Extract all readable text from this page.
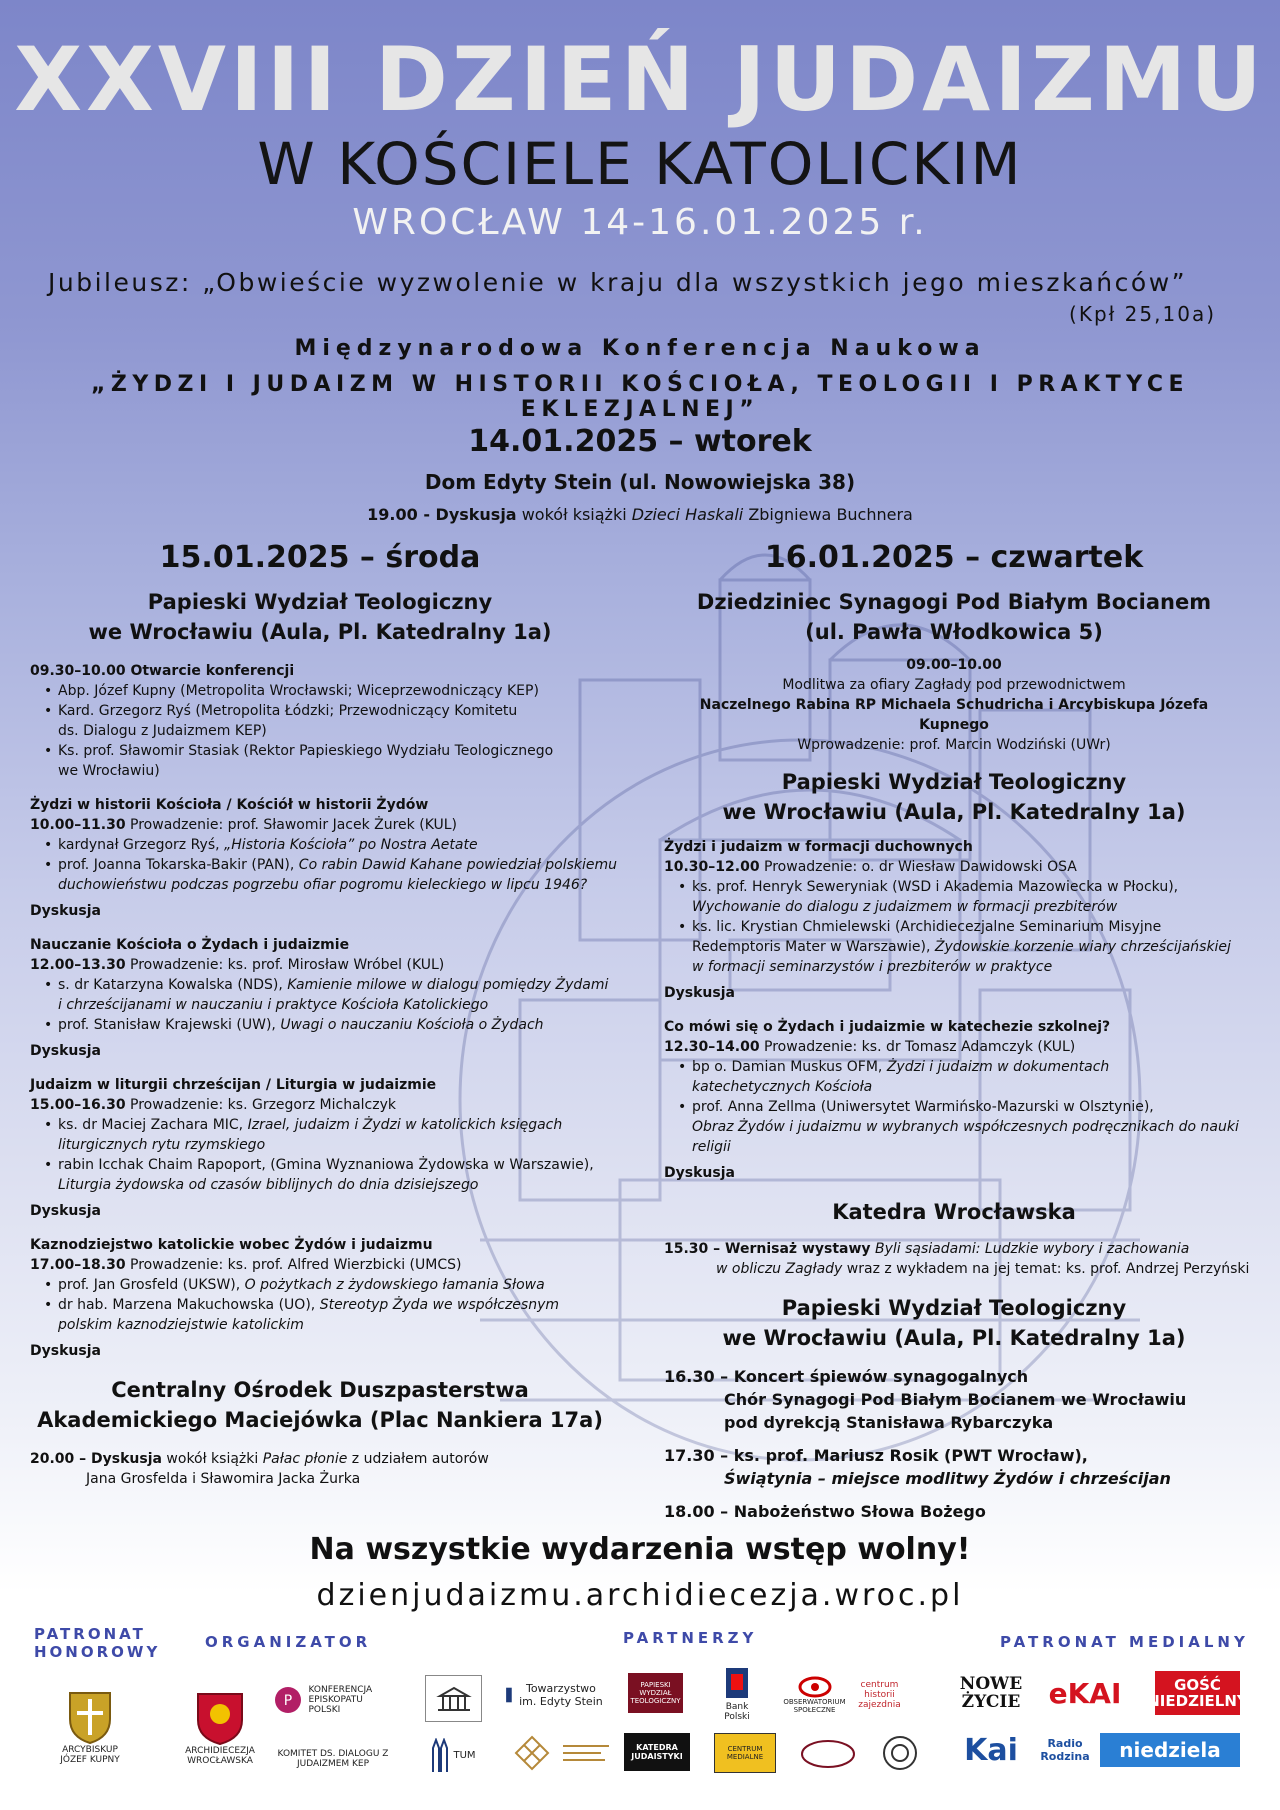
XXVIII DZIEŃ JUDAIZMU
W KOŚCIELE KATOLICKIM
WROCŁAW 14-16.01.2025 r.
Jubileusz: „Obwieście wyzwolenie w kraju dla wszystkich jego mieszkańców”
(Kpł 25,10a)
Międzynarodowa Konferencja Naukowa
„ŻYDZI I JUDAIZM W HISTORII KOŚCIOŁA, TEOLOGII I PRAKTYCE EKLEZJALNEJ”
14.01.2025 – wtorek
Dom Edyty Stein (ul. Nowowiejska 38)
19.00 - Dyskusja wokół książki Dzieci Haskali Zbigniewa Buchnera
15.01.2025 – środa
Papieski Wydział Teologiczny
we Wrocławiu (Aula, Pl. Katedralny 1a)
09.30–10.00 Otwarcie konferencji
• Abp. Józef Kupny (Metropolita Wrocławski; Wiceprzewodniczący KEP)
• Kard. Grzegorz Ryś (Metropolita Łódzki; Przewodniczący Komitetu
ds. Dialogu z Judaizmem KEP)
• Ks. prof. Sławomir Stasiak (Rektor Papieskiego Wydziału Teologicznego
we Wrocławiu)
Żydzi w historii Kościoła / Kościół w historii Żydów
10.00–11.30 Prowadzenie: prof. Sławomir Jacek Żurek (KUL)
• kardynał Grzegorz Ryś, „Historia Kościoła” po Nostra Aetate
• prof. Joanna Tokarska-Bakir (PAN), Co rabin Dawid Kahane powiedział polskiemu
duchowieństwu podczas pogrzebu ofiar pogromu kieleckiego w lipcu 1946?
Dyskusja
Nauczanie Kościoła o Żydach i judaizmie
12.00–13.30 Prowadzenie: ks. prof. Mirosław Wróbel (KUL)
• s. dr Katarzyna Kowalska (NDS), Kamienie milowe w dialogu pomiędzy Żydami
i chrześcijanami w nauczaniu i praktyce Kościoła Katolickiego
• prof. Stanisław Krajewski (UW), Uwagi o nauczaniu Kościoła o Żydach
Dyskusja
Judaizm w liturgii chrześcijan / Liturgia w judaizmie
15.00–16.30 Prowadzenie: ks. Grzegorz Michalczyk
• ks. dr Maciej Zachara MIC, Izrael, judaizm i Żydzi w katolickich księgach
liturgicznych rytu rzymskiego
• rabin Icchak Chaim Rapoport, (Gmina Wyznaniowa Żydowska w Warszawie),
Liturgia żydowska od czasów biblijnych do dnia dzisiejszego
Dyskusja
Kaznodziejstwo katolickie wobec Żydów i judaizmu
17.00–18.30 Prowadzenie: ks. prof. Alfred Wierzbicki (UMCS)
• prof. Jan Grosfeld (UKSW), O pożytkach z żydowskiego łamania Słowa
• dr hab. Marzena Makuchowska (UO), Stereotyp Żyda we współczesnym
polskim kaznodziejstwie katolickim
Dyskusja
Centralny Ośrodek Duszpasterstwa
Akademickiego Maciejówka (Plac Nankiera 17a)
20.00 – Dyskusja wokół książki Pałac płonie z udziałem autorów
Jana Grosfelda i Sławomira Jacka Żurka
16.01.2025 – czwartek
Dziedziniec Synagogi Pod Białym Bocianem
(ul. Pawła Włodkowica 5)
09.00–10.00
Modlitwa za ofiary Zagłady pod przewodnictwem
Naczelnego Rabina RP Michaela Schudricha i Arcybiskupa Józefa Kupnego
Wprowadzenie: prof. Marcin Wodziński (UWr)
Papieski Wydział Teologiczny
we Wrocławiu (Aula, Pl. Katedralny 1a)
Żydzi i judaizm w formacji duchownych
10.30–12.00 Prowadzenie: o. dr Wiesław Dawidowski OSA
• ks. prof. Henryk Seweryniak (WSD i Akademia Mazowiecka w Płocku),
Wychowanie do dialogu z judaizmem w formacji prezbiterów
• ks. lic. Krystian Chmielewski (Archidiecezjalne Seminarium Misyjne
Redemptoris Mater w Warszawie), Żydowskie korzenie wiary chrześcijańskiej
w formacji seminarzystów i prezbiterów w praktyce
Dyskusja
Co mówi się o Żydach i judaizmie w katechezie szkolnej?
12.30–14.00 Prowadzenie: ks. dr Tomasz Adamczyk (KUL)
• bp o. Damian Muskus OFM, Żydzi i judaizm w dokumentach
katechetycznych Kościoła
• prof. Anna Zellma (Uniwersytet Warmińsko-Mazurski w Olsztynie),
Obraz Żydów i judaizmu w wybranych współczesnych podręcznikach do nauki religii
Dyskusja
Katedra Wrocławska
15.30 – Wernisaż wystawy Byli sąsiadami: Ludzkie wybory i zachowania
w obliczu Zagłady wraz z wykładem na jej temat: ks. prof. Andrzej Perzyński
Papieski Wydział Teologiczny
we Wrocławiu (Aula, Pl. Katedralny 1a)
16.30 – Koncert śpiewów synagogalnych
Chór Synagogi Pod Białym Bocianem we Wrocławiu
pod dyrekcją Stanisława Rybarczyka
17.30 – ks. prof. Mariusz Rosik (PWT Wrocław),
Świątynia – miejsce modlitwy Żydów i chrześcijan
18.00 – Nabożeństwo Słowa Bożego
Na wszystkie wydarzenia wstęp wolny!
dzienjudaizmu.archidiecezja.wroc.pl
PATRONAT HONOROWY
ORGANIZATOR	PARTNERZY	PATRONAT MEDIALNY
ARCYBISKUP JÓZEF KUPNY
ARCHIDIECEZJA WROCŁAWSKA
P
KONFERENCJA EPISKOPATU POLSKI
KOMITET DS. DIALOGU Z JUDAIZMEM KEP
Towarzystwo im. Edyty Stein
PAPIESKI WYDZIAŁ TEOLOGICZNY
Bank Polski
OBSERWATORIUM SPOŁECZNE
centrum historii zajezdnia
TUM
KATEDRA JUDAISTYKI
CENTRUM MEDIALNE
NOWE ŻYCIE eKAI	GOŚĆ NIEDZIELNY
Kai	Radio Rodzina	niedziela
